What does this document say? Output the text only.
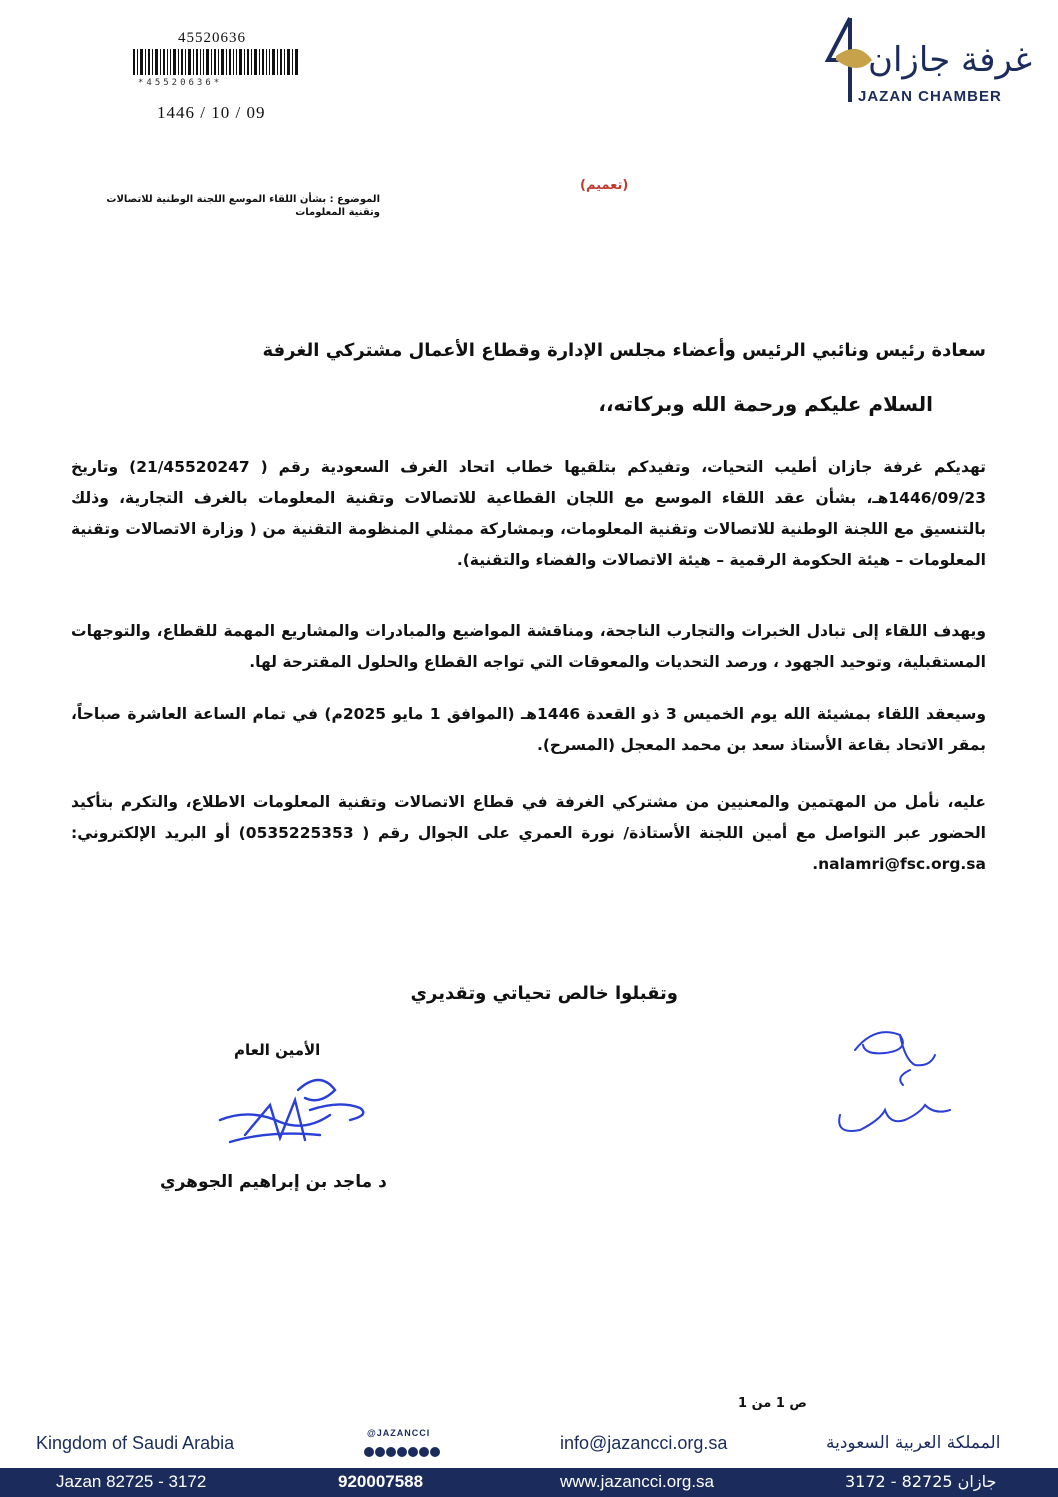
45520636
*45520636*
1446 / 10 / 09
غرفة جازان
JAZAN CHAMBER
(تعميم)
الموضوع : بشأن اللقاء الموسع اللجنة الوطنية للاتصالات وتقنية المعلومات
سعادة رئيس ونائبي الرئيس وأعضاء مجلس الإدارة وقطاع الأعمال مشتركي الغرفة
السلام عليكم ورحمة الله وبركاته،،
تهديكم غرفة جازان أطيب التحيات، وتفيدكم بتلقيها خطاب اتحاد الغرف السعودية رقم ( 21/45520247) وتاريخ 1446/09/23هـ، بشأن عقد اللقاء الموسع مع اللجان القطاعية للاتصالات وتقنية المعلومات بالغرف التجارية، وذلك بالتنسيق مع اللجنة الوطنية للاتصالات وتقنية المعلومات، وبمشاركة ممثلي المنظومة التقنية من ( وزارة الاتصالات وتقنية المعلومات – هيئة الحكومة الرقمية – هيئة الاتصالات والفضاء والتقنية).
ويهدف اللقاء إلى تبادل الخبرات والتجارب الناجحة، ومناقشة المواضيع والمبادرات والمشاريع المهمة للقطاع، والتوجهات المستقبلية، وتوحيد الجهود ، ورصد التحديات والمعوقات التي تواجه القطاع والحلول المقترحة لها.
وسيعقد اللقاء بمشيئة الله يوم الخميس 3 ذو القعدة 1446هـ (الموافق 1 مايو 2025م) في تمام الساعة العاشرة صباحاً، بمقر الاتحاد بقاعة الأستاذ سعد بن محمد المعجل (المسرح).
عليه، نأمل من المهتمين والمعنيين من مشتركي الغرفة في قطاع الاتصالات وتقنية المعلومات الاطلاع، والتكرم بتأكيد الحضور عبر التواصل مع أمين اللجنة الأستاذة/ نورة العمري على الجوال رقم ( 0535225353) أو البريد الإلكتروني: nalamri@fsc.org.sa.
وتقبلوا خالص تحياتي وتقديري
الأمين العام
د ماجد بن إبراهيم الجوهري
ص 1 من 1
Kingdom of Saudi Arabia	@JAZANCCI	info@jazancci.org.sa	المملكة العربية السعودية
Jazan 82725 - 3172	920007588	www.jazancci.org.sa	جازان 82725 - 3172
